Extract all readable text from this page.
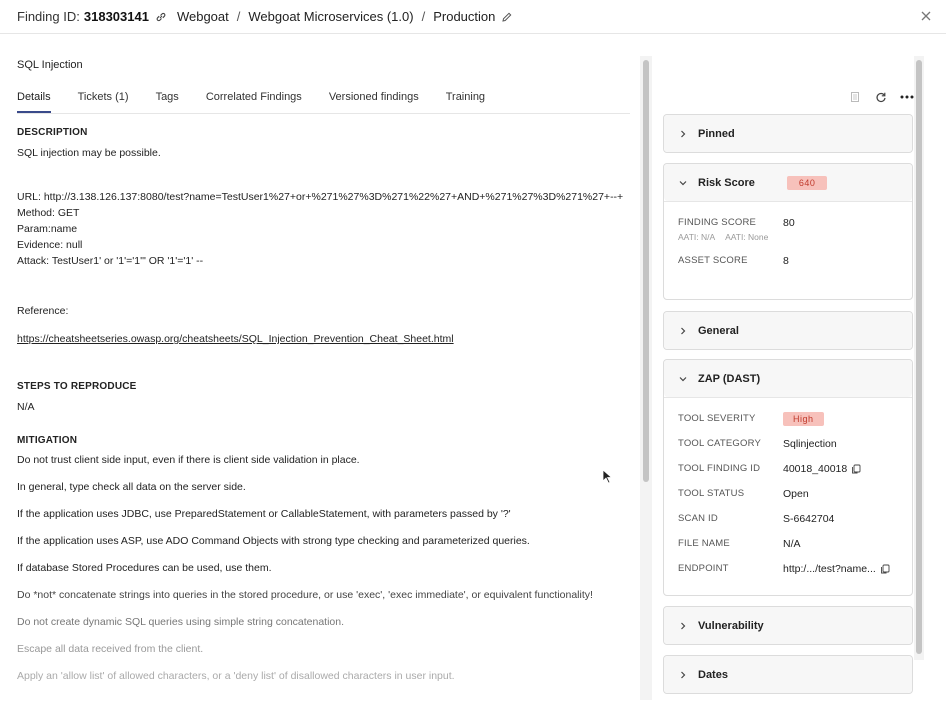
Finding ID: 318303141 Webgoat / Webgoat Microservices (1.0) / Production
SQL Injection
Details Tickets (1) Tags Correlated Findings Versioned findings Training
DESCRIPTION
SQL injection may be possible.
URL: http://3.138.126.137:8080/test?name=TestUser1%27+or+%271%27%3D%271%22%27+AND+%271%27%3D%271%27+--+
Method: GET
Param:name
Evidence: null
Attack: TestUser1' or '1'='1'" OR '1'='1' --
Reference:
https://cheatsheetseries.owasp.org/cheatsheets/SQL_Injection_Prevention_Cheat_Sheet.html
STEPS TO REPRODUCE
N/A
MITIGATION
Do not trust client side input, even if there is client side validation in place.
In general, type check all data on the server side.
If the application uses JDBC, use PreparedStatement or CallableStatement, with parameters passed by '?'
If the application uses ASP, use ADO Command Objects with strong type checking and parameterized queries.
If database Stored Procedures can be used, use them.
Do *not* concatenate strings into queries in the stored procedure, or use 'exec', 'exec immediate', or equivalent functionality!
Do not create dynamic SQL queries using simple string concatenation.
Escape all data received from the client.
Apply an 'allow list' of allowed characters, or a 'deny list' of disallowed characters in user input.
Pinned
Risk Score	640
FINDING SCORE	80
AATI: N/A AATI: None
ASSET SCORE	8
General
ZAP (DAST)
TOOL SEVERITY	High
TOOL CATEGORY	Sqlinjection
TOOL FINDING ID	40018_40018
TOOL STATUS	Open
SCAN ID	S-6642704
FILE NAME	N/A
ENDPOINT	http:/.../test?name...
Vulnerability
Dates
